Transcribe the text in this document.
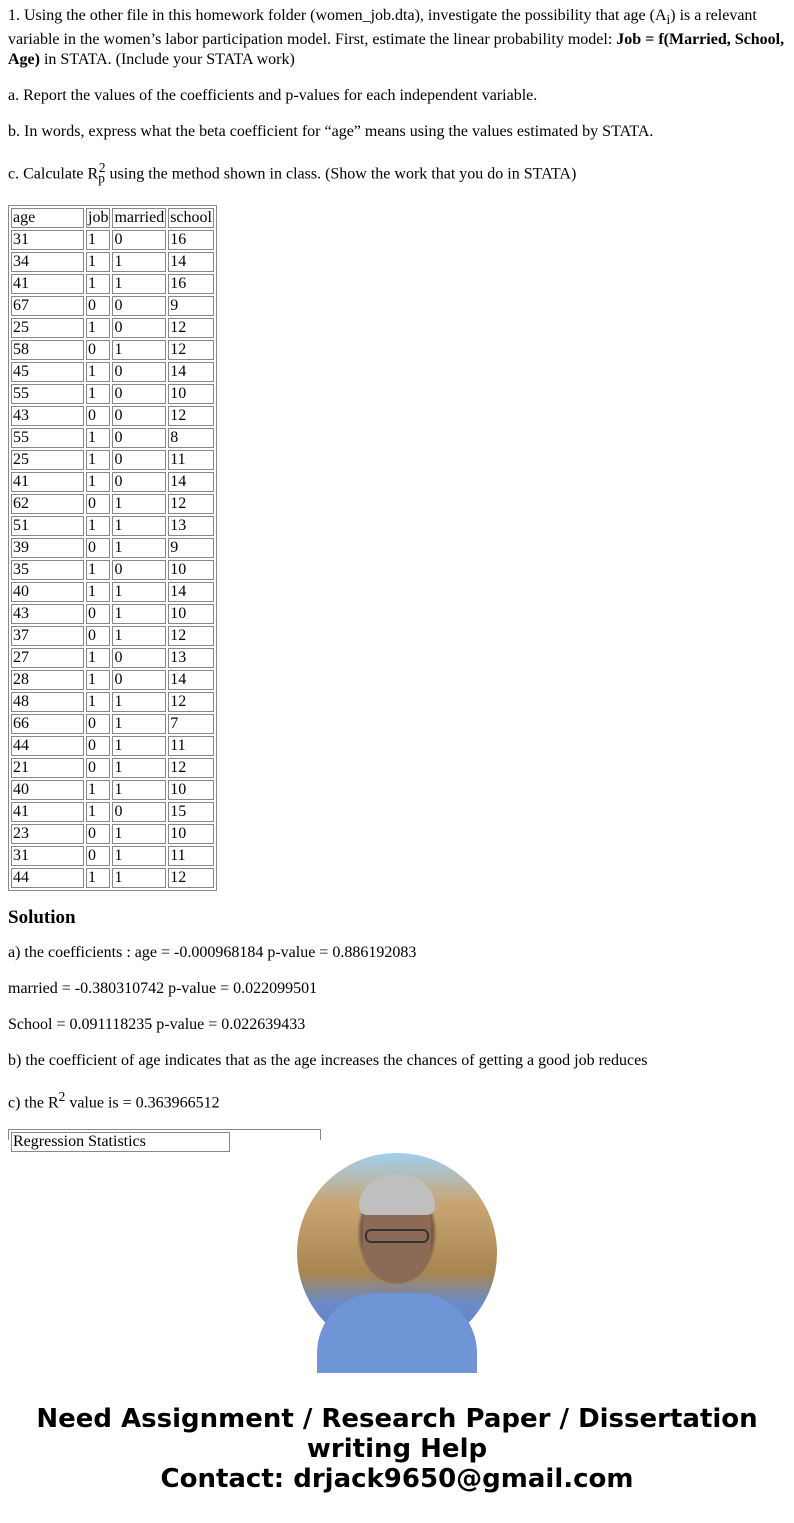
1. Using the other file in this homework folder (women_job.dta), investigate the possibility that age $(A_i)$ is a relevant variable in the women’s labor participation model. First, estimate the linear probability model: Job = f(Married, School, Age) in STATA. (Include your STATA work)

a. Report the values of the coefficients and p-values for each independent variable.

b. In words, express what the beta coefficient for “age” means using the values estimated by STATA.

c. Calculate $R_p^2$ using the method shown in class. (Show the work that you do in STATA)

age	job	married	school
31	1	0	16
34	1	1	14
41	1	1	16
67	0	0	9
25	1	0	12
58	0	1	12
45	1	0	14
55	1	0	10
43	0	0	12
55	1	0	8
25	1	0	11
41	1	0	14
62	0	1	12
51	1	1	13
39	0	1	9
35	1	0	10
40	1	1	14
43	0	1	10
37	0	1	12
27	1	0	13
28	1	0	14
48	1	1	12
66	0	1	7
44	0	1	11
21	0	1	12
40	1	1	10
41	1	0	15
23	0	1	10
31	0	1	11
44	1	1	12
Solution

a) the coefficients : age = -0.000968184 p-value = 0.886192083

married = -0.380310742 p-value = 0.022099501

School = 0.091118235 p-value = 0.022639433

b) the coefficient of age indicates that as the age increases the chances of getting a good job reduces

c) the $R^2$ value is = 0.363966512

Regression Statistics
Need Assignment / Research Paper / Dissertation
writing Help
Contact: drjack9650@gmail.com
